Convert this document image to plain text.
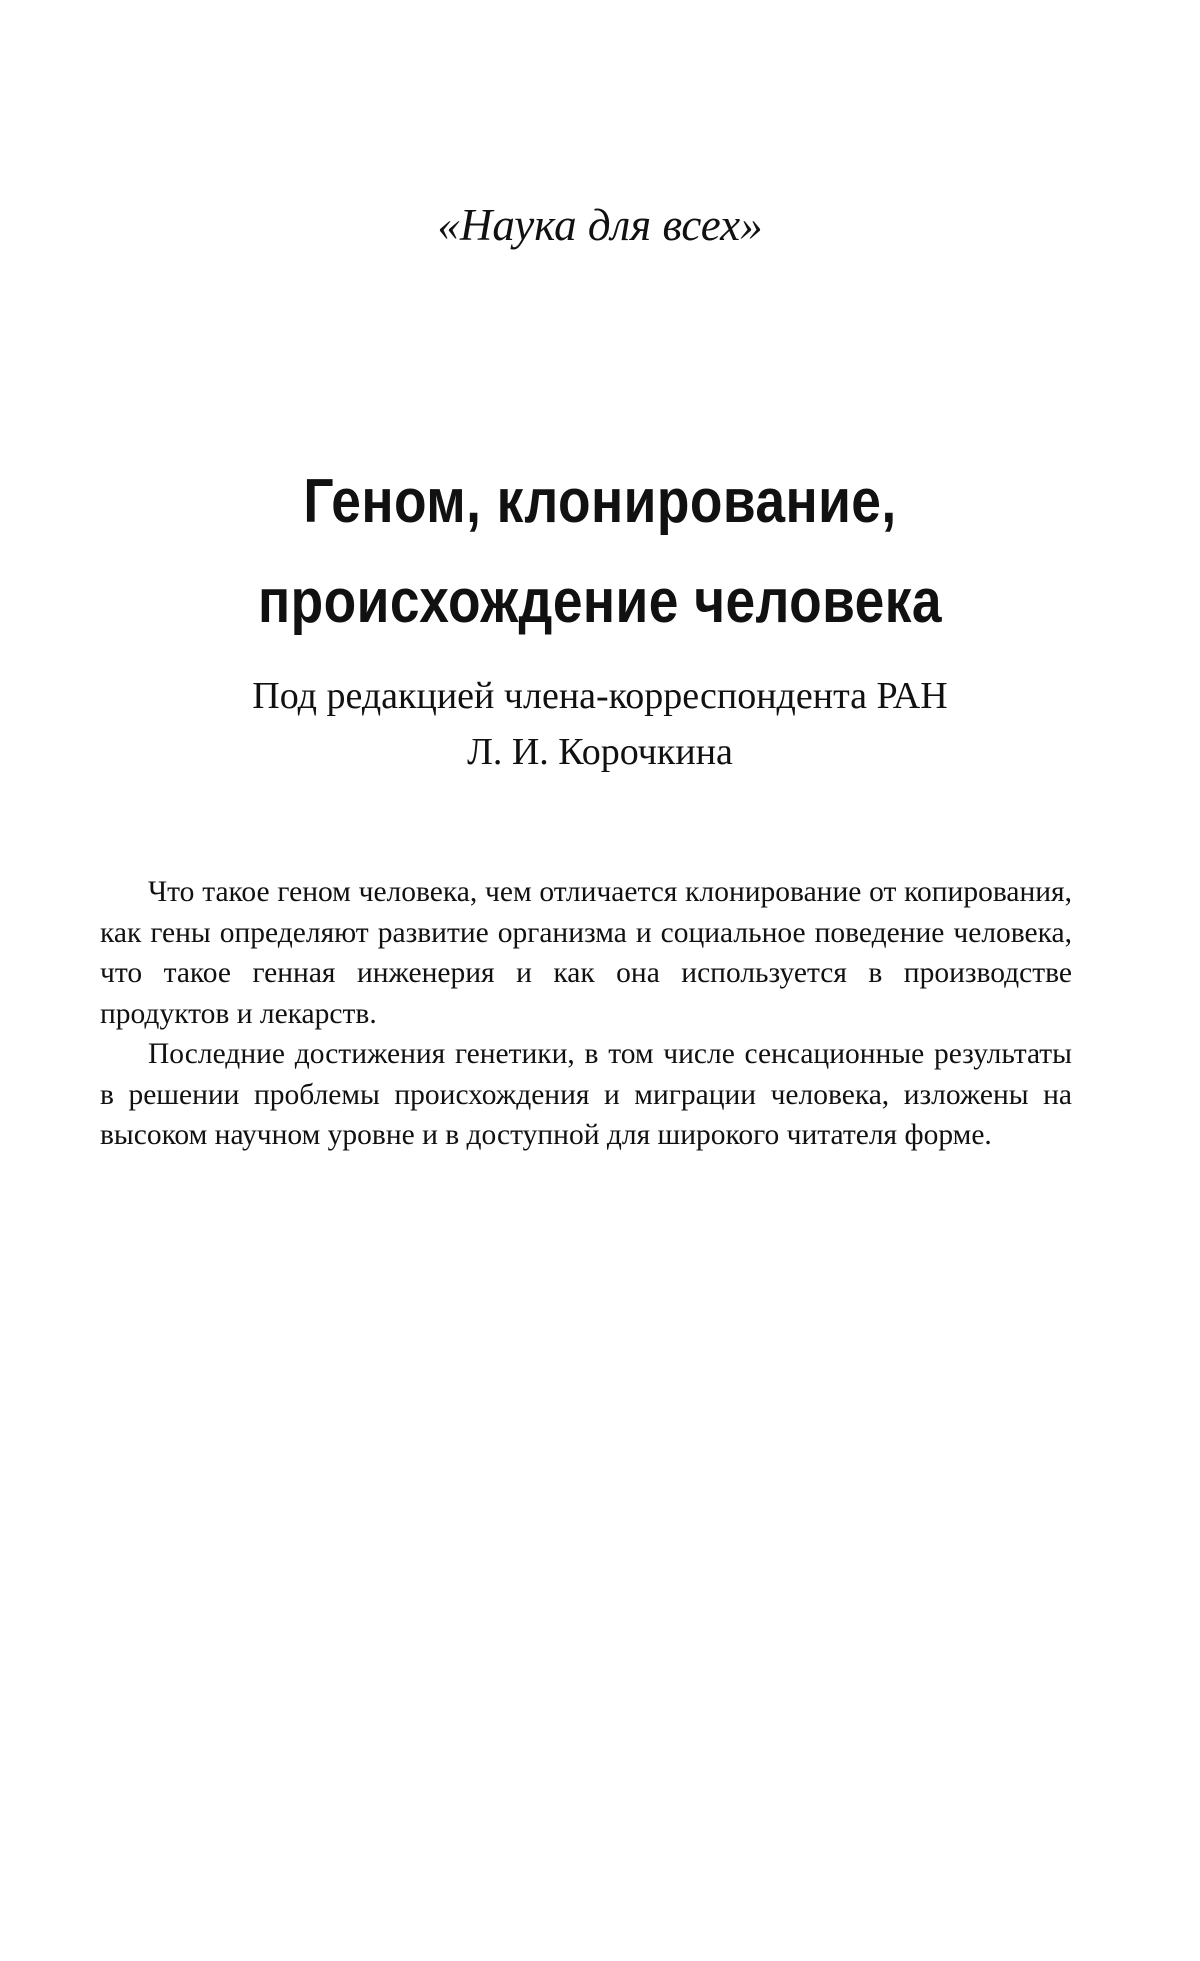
«Наука для всех»
Геном, клонирование,
происхождение человека
Под редакцией члена-корреспондента РАН
Л. И. Корочкина

Что такое геном человека, чем отличается клонирование от копирования, как гены определяют развитие организма и социальное поведение человека, что такое генная инженерия и как она используется в производстве продуктов и лекарств.

Последние достижения генетики, в том числе сенсационные результаты в решении проблемы происхождения и миграции человека, изложены на высоком научном уровне и в доступной для широкого читателя форме.
